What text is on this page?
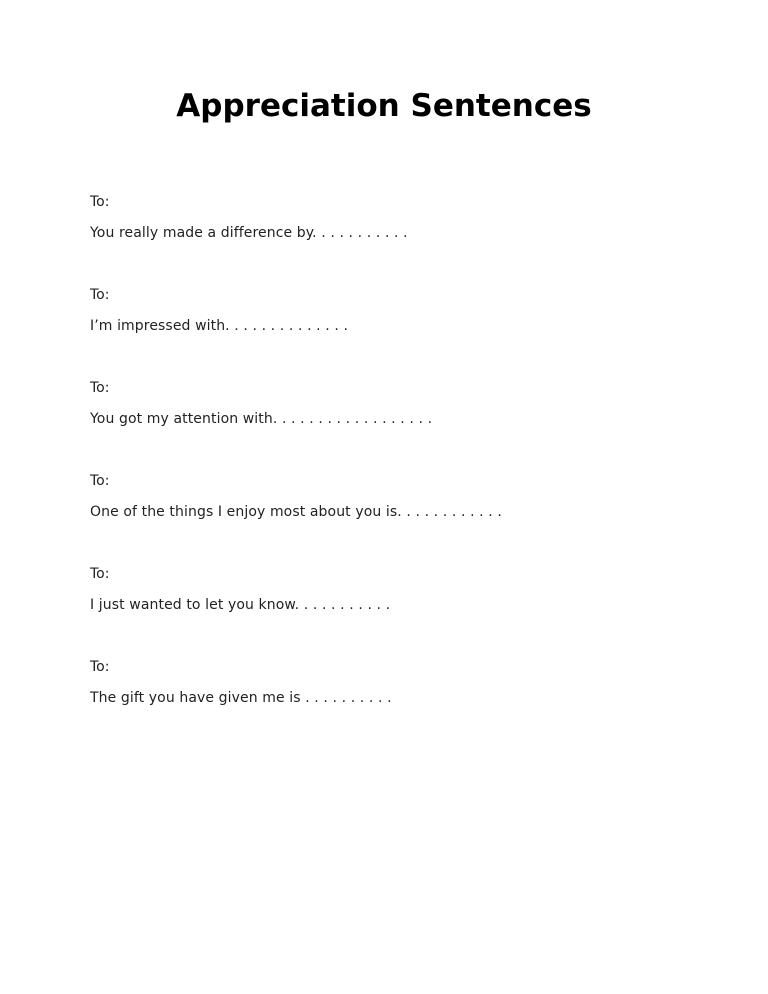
Appreciation Sentences

To:

You really made a difference by. . . . . . . . . . .

To:

I’m impressed with. . . . . . . . . . . . . .

To:

You got my attention with. . . . . . . . . . . . . . . . . .

To:

One of the things I enjoy most about you is. . . . . . . . . . . .

To:

I just wanted to let you know. . . . . . . . . . .

To:

The gift you have given me is . . . . . . . . . .
